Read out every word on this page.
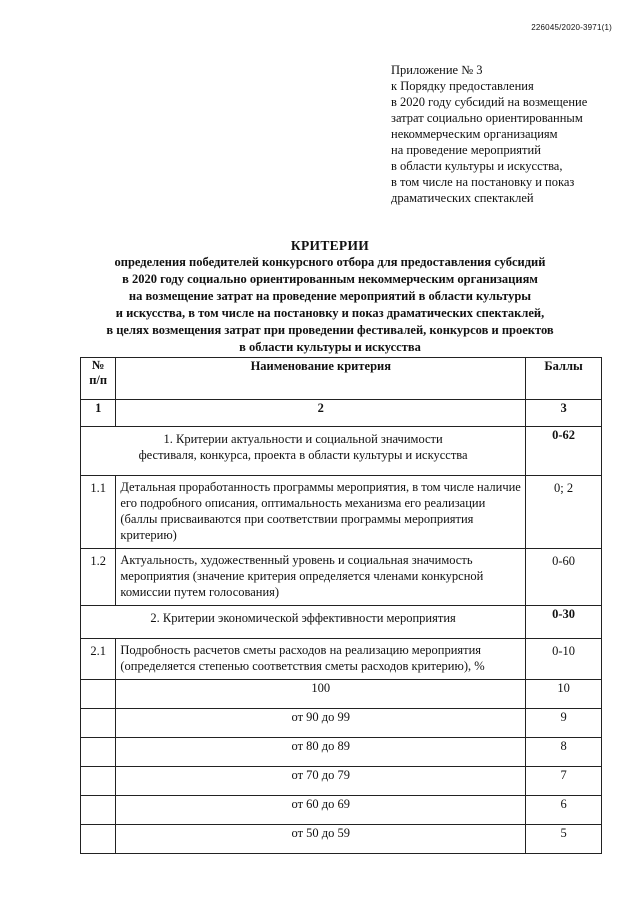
226045/2020-3971(1)
Приложение № 3
к Порядку предоставления
в 2020 году субсидий на возмещение
затрат социально ориентированным
некоммерческим организациям
на проведение мероприятий
в области культуры и искусства,
в том числе на постановку и показ
драматических спектаклей
КРИТЕРИИ
определения победителей конкурсного отбора для предоставления субсидий
в 2020 году социально ориентированным некоммерческим организациям
на возмещение затрат на проведение мероприятий в области культуры
и искусства, в том числе на постановку и показ драматических спектаклей,
в целях возмещения затрат при проведении фестивалей, конкурсов и проектов
в области культуры и искусства
№
п/п	Наименование критерия	Баллы
1	2	3

1. Критерии актуальности и социальной значимости
фестиваля, конкурса, проекта в области культуры и искусства		0-62
1.1	Детальная проработанность программы мероприятия, в том числе наличие его подробного описания, оптимальность механизма его реализации (баллы присваиваются при соответствии программы мероприятия критерию)	0; 2
1.2	Актуальность, художественный уровень и социальная значимость мероприятия (значение критерия определяется членами конкурсной комиссии путем голосования)	0-60
2. Критерии экономической эффективности мероприятия		0-30
2.1	Подробность расчетов сметы расходов на реализацию мероприятия (определяется степенью соответствия сметы расходов критерию), %	0-10
	100	10
	от 90 до 99	9
	от 80 до 89	8
	от 70 до 79	7
	от 60 до 69	6
	от 50 до 59	5
